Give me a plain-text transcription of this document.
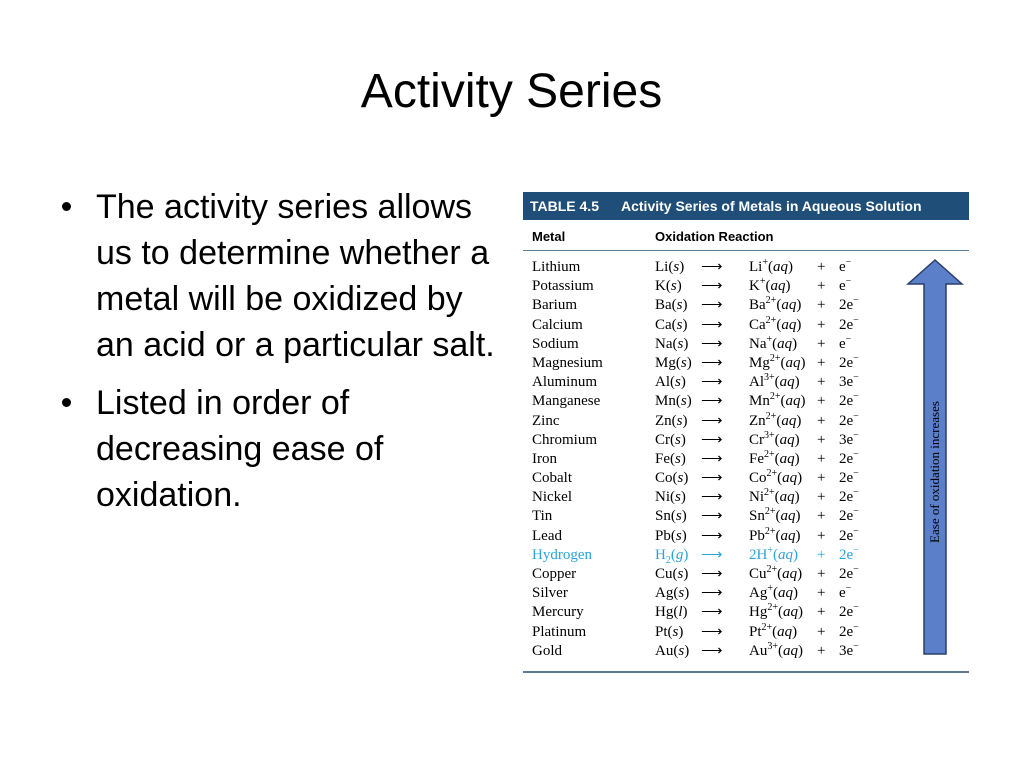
Activity Series
The activity series allows us to determine whether a metal will be oxidized by an acid or a particular salt.
Listed in order of decreasing ease of oxidation.
TABLE 4.5	Activity Series of Metals in Aqueous Solution
Metal	Oxidation Reaction
Lithium	Li(s) ⟶ Li+(aq) + e−
Potassium	K(s) ⟶ K+(aq) + e−
Barium	Ba(s) ⟶ $Ba^{2+}(aq) + 2e^-$
Calcium	Ca(s) ⟶ $Ca^{2+}(aq) + 2e^-$
Sodium	Na(s) ⟶ Na+(aq) + e−
Magnesium	Mg(s) ⟶ $Mg^{2+}(aq) + 2e^-$
Aluminum	Al(s) ⟶ $Al^{3+}(aq) + 3e^-$
Manganese	Mn(s) ⟶ $Mn^{2+}(aq) + 2e^-$
Zinc	Zn(s) ⟶ $Zn^{2+}(aq) + 2e^-$
Chromium	Cr(s) ⟶ $Cr^{3+}(aq) + 3e^-$
Iron	Fe(s) ⟶ $Fe^{2+}(aq) + 2e^-$
Cobalt	Co(s) ⟶ $Co^{2+}(aq) + 2e^-$
Nickel	Ni(s) ⟶ $Ni^{2+}(aq) + 2e^-$
Tin	Sn(s) ⟶ $Sn^{2+}(aq) + 2e^-$
Lead	Pb(s) ⟶ $Pb^{2+}(aq) + 2e^-$
Hydrogen	$H_2(g)$ ⟶ 2H+(aq) + 2e−
Copper	Cu(s) ⟶ $Cu^{2+}(aq) + 2e^-$
Silver	Ag(s) ⟶ Ag+(aq) + e−
Mercury	Hg(l) ⟶ $Hg^{2+}(aq) + 2e^-$
Platinum	Pt(s) ⟶ $Pt^{2+}(aq) + 2e^-$
Gold	Au(s) ⟶ $Au^{3+}(aq) + 3e^-$
Ease of oxidation increases
